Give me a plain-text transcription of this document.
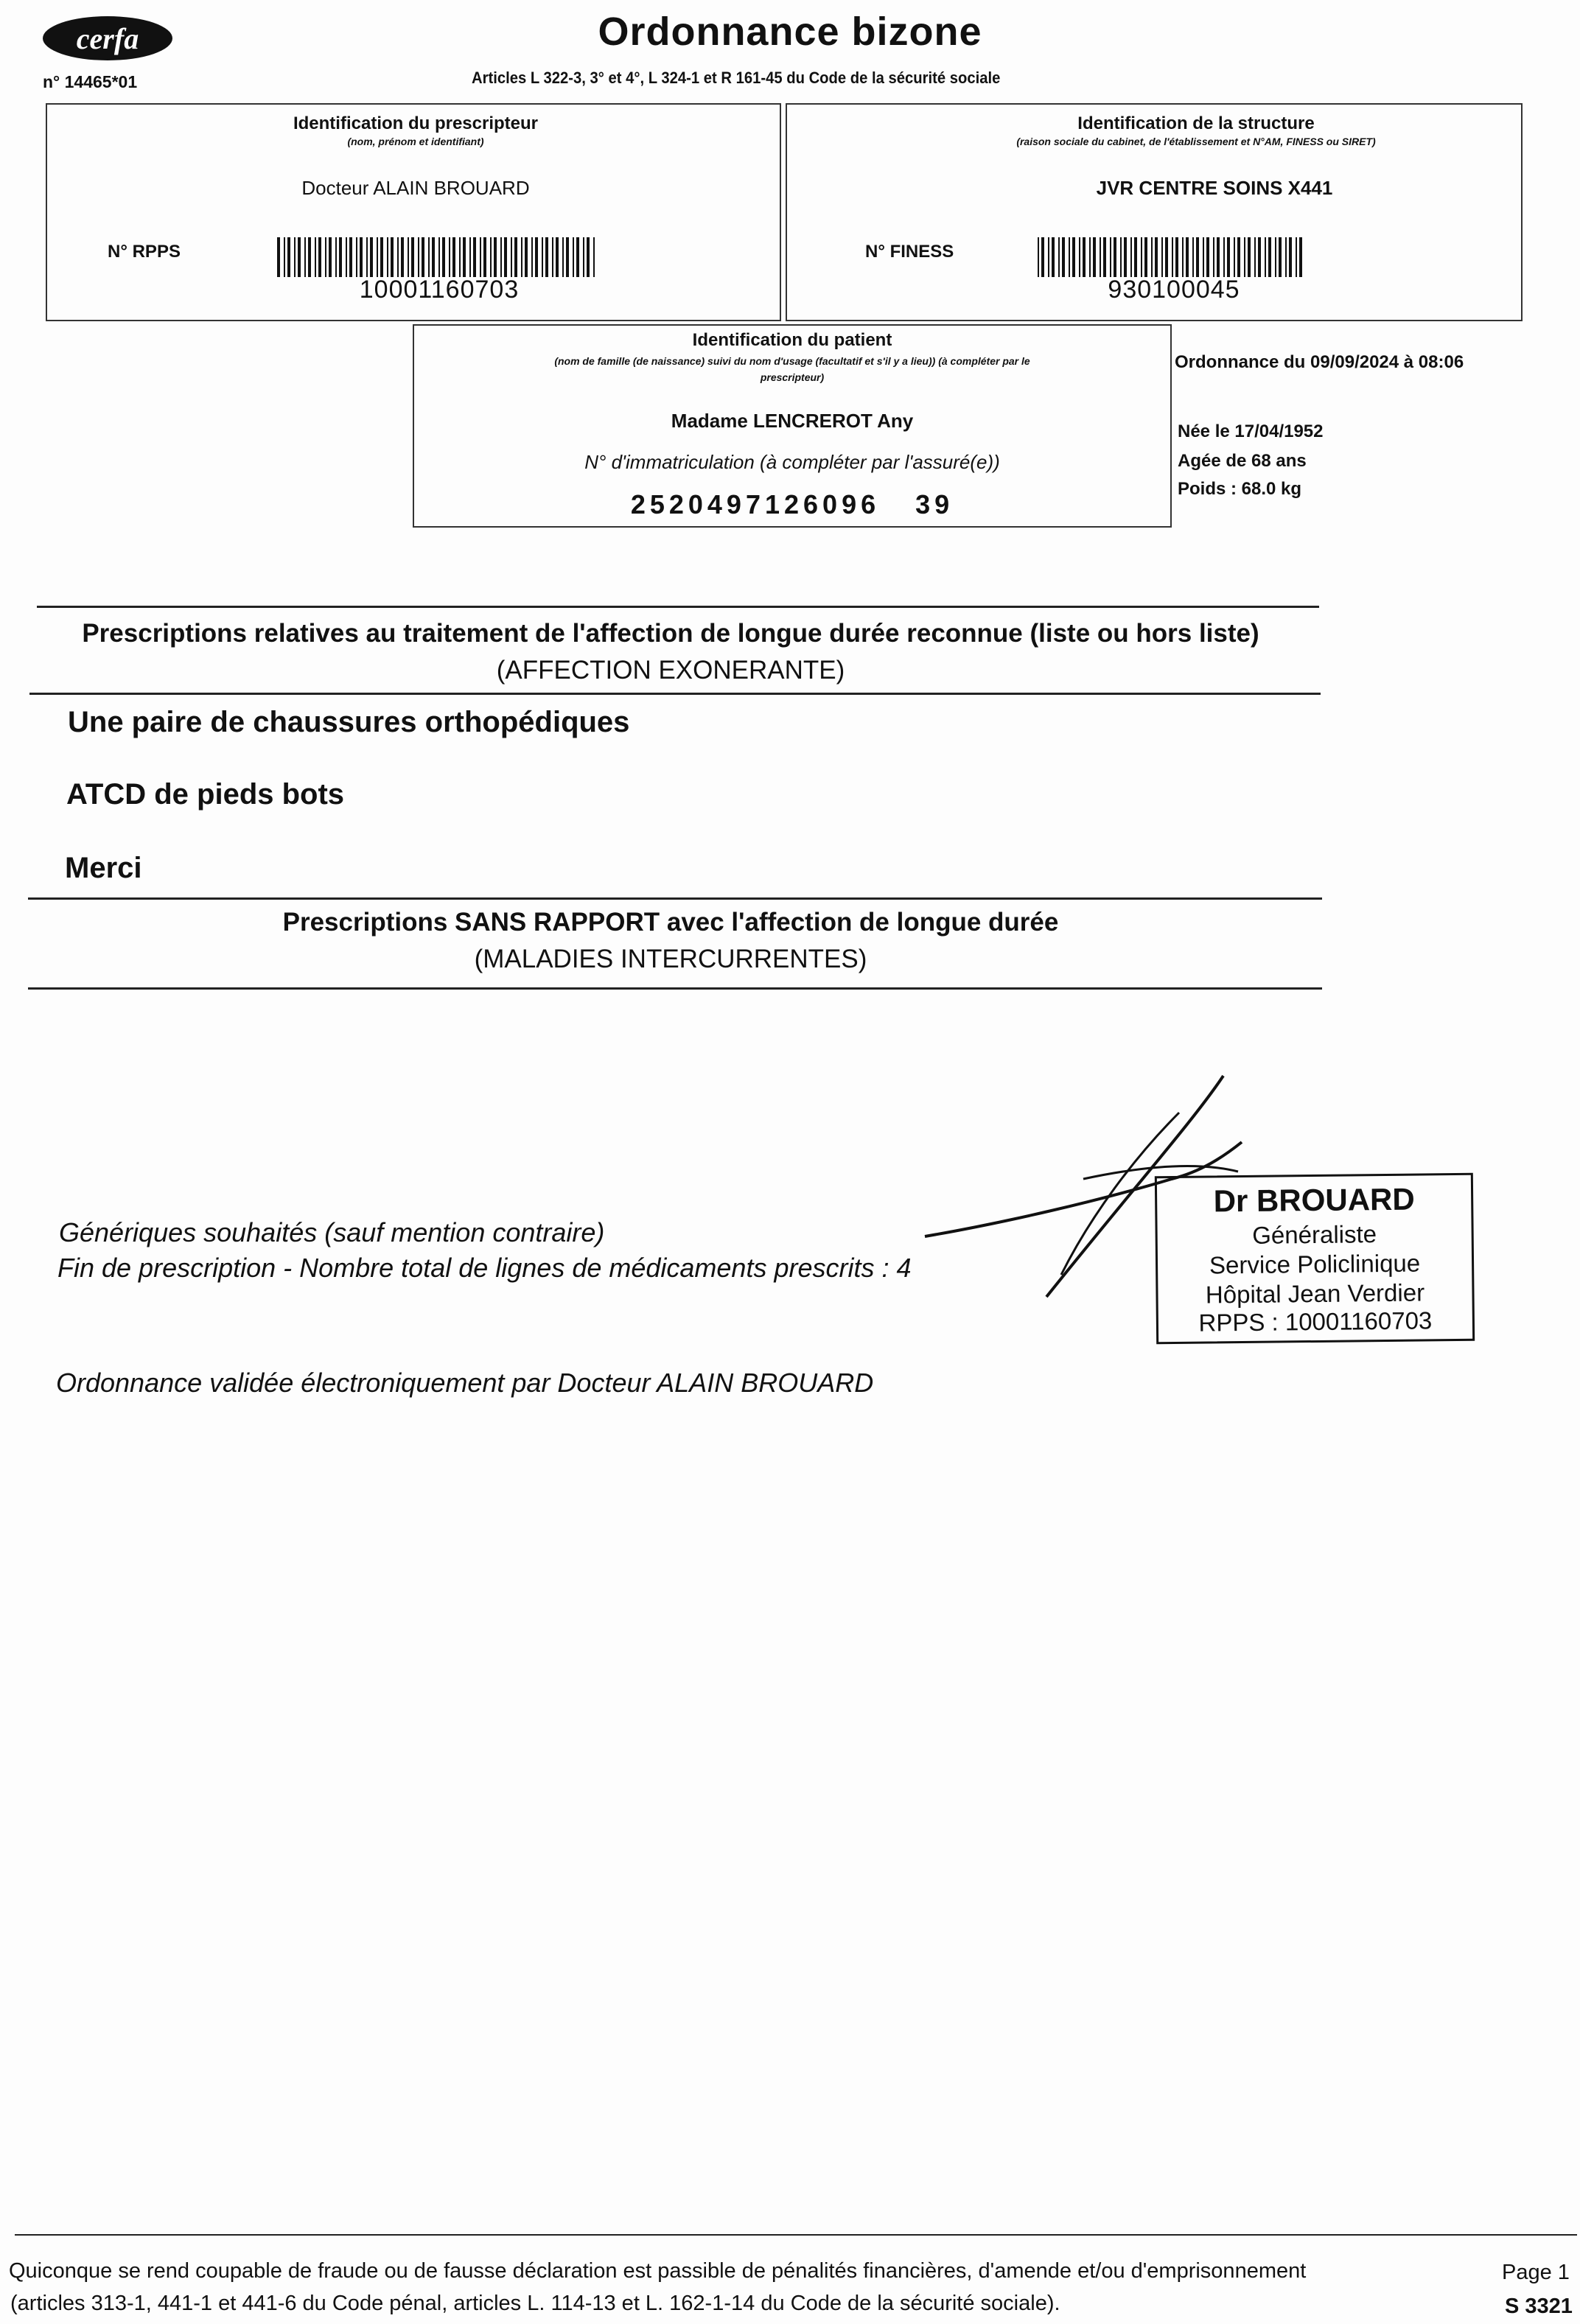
cerfa
n° 14465*01
Ordonnance bizone
Articles L 322-3, 3° et 4°, L 324-1 et R 161-45 du Code de la sécurité sociale
Identification du prescripteur
(nom, prénom et identifiant)
Docteur ALAIN BROUARD
N° RPPS
10001160703
Identification de la structure
(raison sociale du cabinet, de l'établissement et N°AM, FINESS ou SIRET)
JVR CENTRE SOINS X441
N° FINESS
930100045
Identification du patient
(nom de famille (de naissance) suivi du nom d'usage (facultatif et s'il y a lieu)) (à compléter par le
prescripteur)
Madame LENCREROT Any
N° d'immatriculation (à compléter par l'assuré(e))
2520497126096   39
Ordonnance du 09/09/2024 à 08:06
Née le 17/04/1952
Agée de 68 ans
Poids : 68.0 kg
Prescriptions relatives au traitement de l'affection de longue durée reconnue (liste ou hors liste)
(AFFECTION EXONERANTE)
Une paire de chaussures orthopédiques
ATCD de pieds bots
Merci
Prescriptions SANS RAPPORT avec l'affection de longue durée
(MALADIES INTERCURRENTES)
Génériques souhaités (sauf mention contraire)
Fin de prescription - Nombre total de lignes de médicaments prescrits : 4
Ordonnance validée électroniquement par Docteur ALAIN BROUARD
Dr BROUARD
Généraliste
Service Policlinique
Hôpital Jean Verdier
RPPS : 10001160703
Quiconque se rend coupable de fraude ou de fausse déclaration est passible de pénalités financières, d'amende et/ou d'emprisonnement
(articles 313-1, 441-1 et 441-6 du Code pénal, articles L. 114-13 et L. 162-1-14 du Code de la sécurité sociale).
Page 1
S 3321
